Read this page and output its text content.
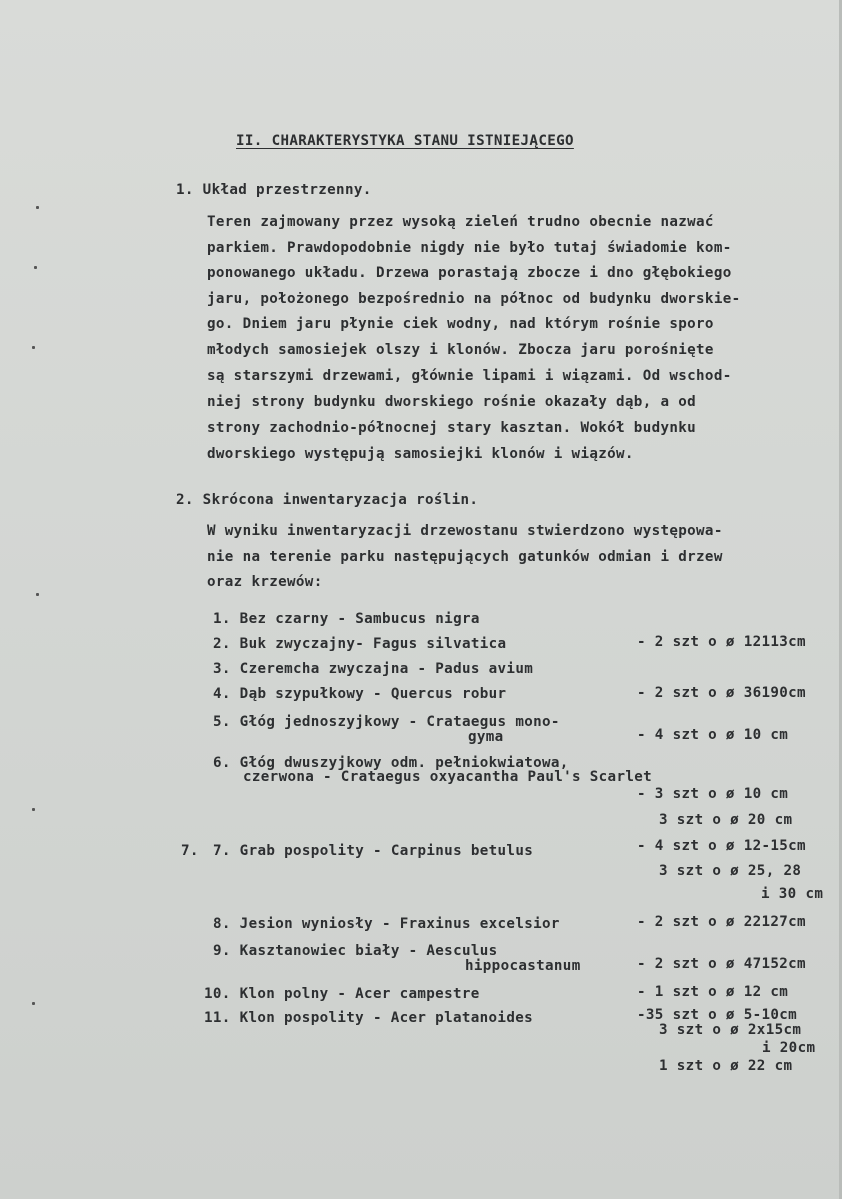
II. CHARAKTERYSTYKA STANU ISTNIEJĄCEGO
1. Układ przestrzenny.
Teren zajmowany przez wysoką zieleń trudno obecnie nazwać
parkiem. Prawdopodobnie nigdy nie było tutaj świadomie kom-
ponowanego układu. Drzewa porastają zbocze i dno głębokiego
jaru, położonego bezpośrednio na północ od budynku dworskie-
go. Dniem jaru płynie ciek wodny, nad którym rośnie sporo
młodych samosiejek olszy i klonów. Zbocza jaru porośnięte
są starszymi drzewami, głównie lipami i wiązami. Od wschod-
niej strony budynku dworskiego rośnie okazały dąb, a od
strony zachodnio-północnej stary kasztan. Wokół budynku
dworskiego występują samosiejki klonów i wiązów.
2. Skrócona inwentaryzacja roślin.
W wyniku inwentaryzacji drzewostanu stwierdzono występowa-
nie na terenie parku następujących gatunków odmian i drzew
oraz krzewów:
1. Bez czarny - Sambucus nigra
2. Buk zwyczajny- Fagus silvatica	- 2 szt o ø 12113cm
3. Czeremcha zwyczajna - Padus avium
4. Dąb szypułkowy - Quercus robur	- 2 szt o ø 36190cm
5. Głóg jednoszyjkowy - Crataegus mono-
gyma	- 4 szt o ø 10 cm
6. Głóg dwuszyjkowy odm. pełniokwiatowa,
czerwona - Crataegus oxyacantha Paul's Scarlet
- 3 szt o ø 10 cm
3 szt o ø 20 cm
7. 7. Grab pospolity - Carpinus betulus	- 4 szt o ø 12-15cm
3 szt o ø 25, 28
i 30 cm
8. Jesion wyniosły - Fraxinus excelsior	- 2 szt o ø 22127cm
9. Kasztanowiec biały - Aesculus
hippocastanum	- 2 szt o ø 47152cm
10. Klon polny - Acer campestre	- 1 szt o ø 12 cm
11. Klon pospolity - Acer platanoides	-35 szt o ø 5-10cm
3 szt o ø 2x15cm
i 20cm
1 szt o ø 22 cm
